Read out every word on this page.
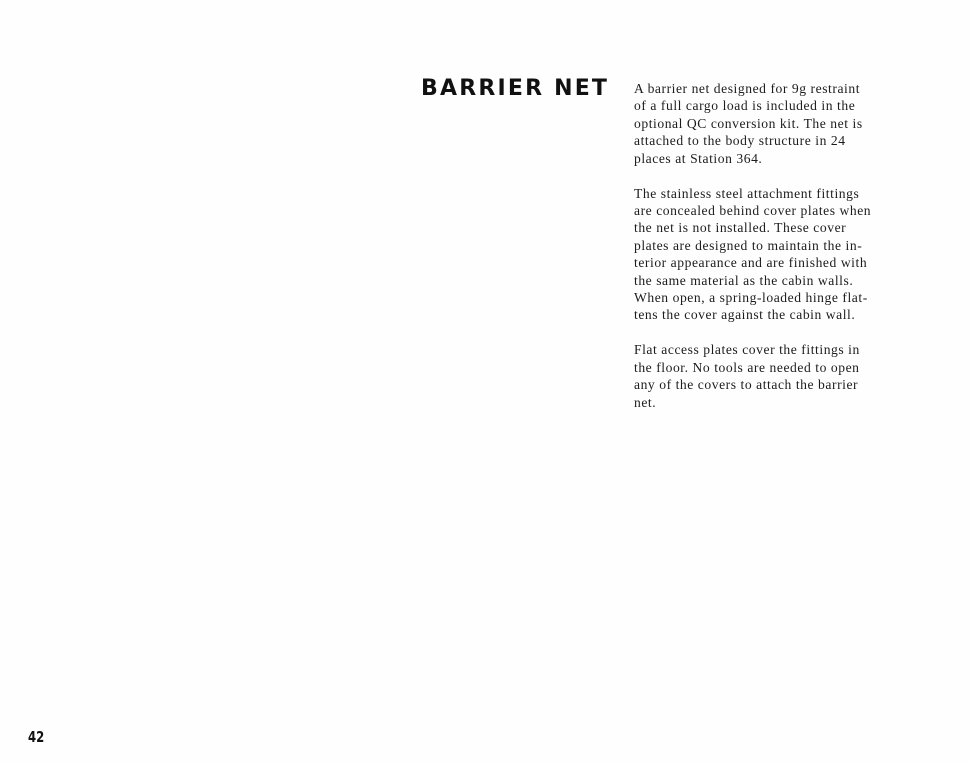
BARRIER NET A barrier net designed for 9g restraint
of a full cargo load is included in the
optional QC conversion kit. The net is
attached to the body structure in 24
places at Station 364.

The stainless steel attachment fittings
are concealed behind cover plates when
the net is not installed. These cover
plates are designed to maintain the in-
terior appearance and are finished with
the same material as the cabin walls.
When open, a spring-loaded hinge flat-
tens the cover against the cabin wall.

Flat access plates cover the fittings in
the floor. No tools are needed to open
any of the covers to attach the barrier
net.

42
